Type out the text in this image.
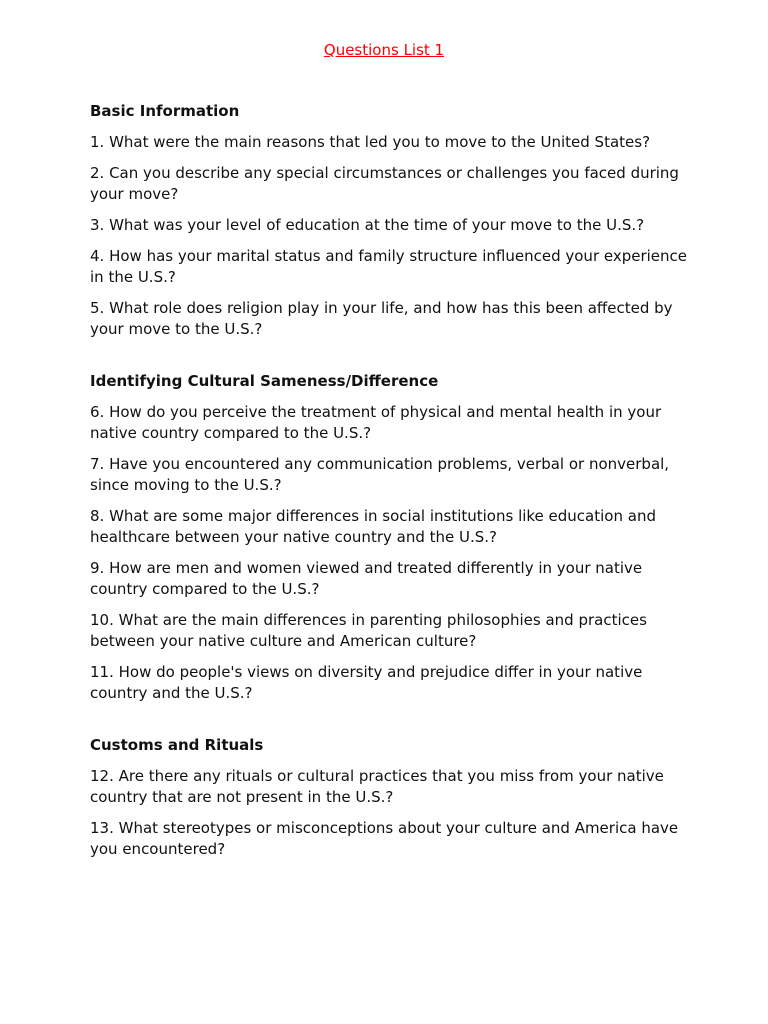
Questions List 1
Basic Information
1. What were the main reasons that led you to move to the United States?
2. Can you describe any special circumstances or challenges you faced during your move?
3. What was your level of education at the time of your move to the U.S.?
4. How has your marital status and family structure influenced your experience in the U.S.?
5. What role does religion play in your life, and how has this been affected by your move to the U.S.?
Identifying Cultural Sameness/Difference
6. How do you perceive the treatment of physical and mental health in your native country compared to the U.S.?
7. Have you encountered any communication problems, verbal or nonverbal, since moving to the U.S.?
8. What are some major differences in social institutions like education and healthcare between your native country and the U.S.?
9. How are men and women viewed and treated differently in your native country compared to the U.S.?
10. What are the main differences in parenting philosophies and practices between your native culture and American culture?
11. How do people's views on diversity and prejudice differ in your native country and the U.S.?
Customs and Rituals
12. Are there any rituals or cultural practices that you miss from your native country that are not present in the U.S.?
13. What stereotypes or misconceptions about your culture and America have you encountered?
